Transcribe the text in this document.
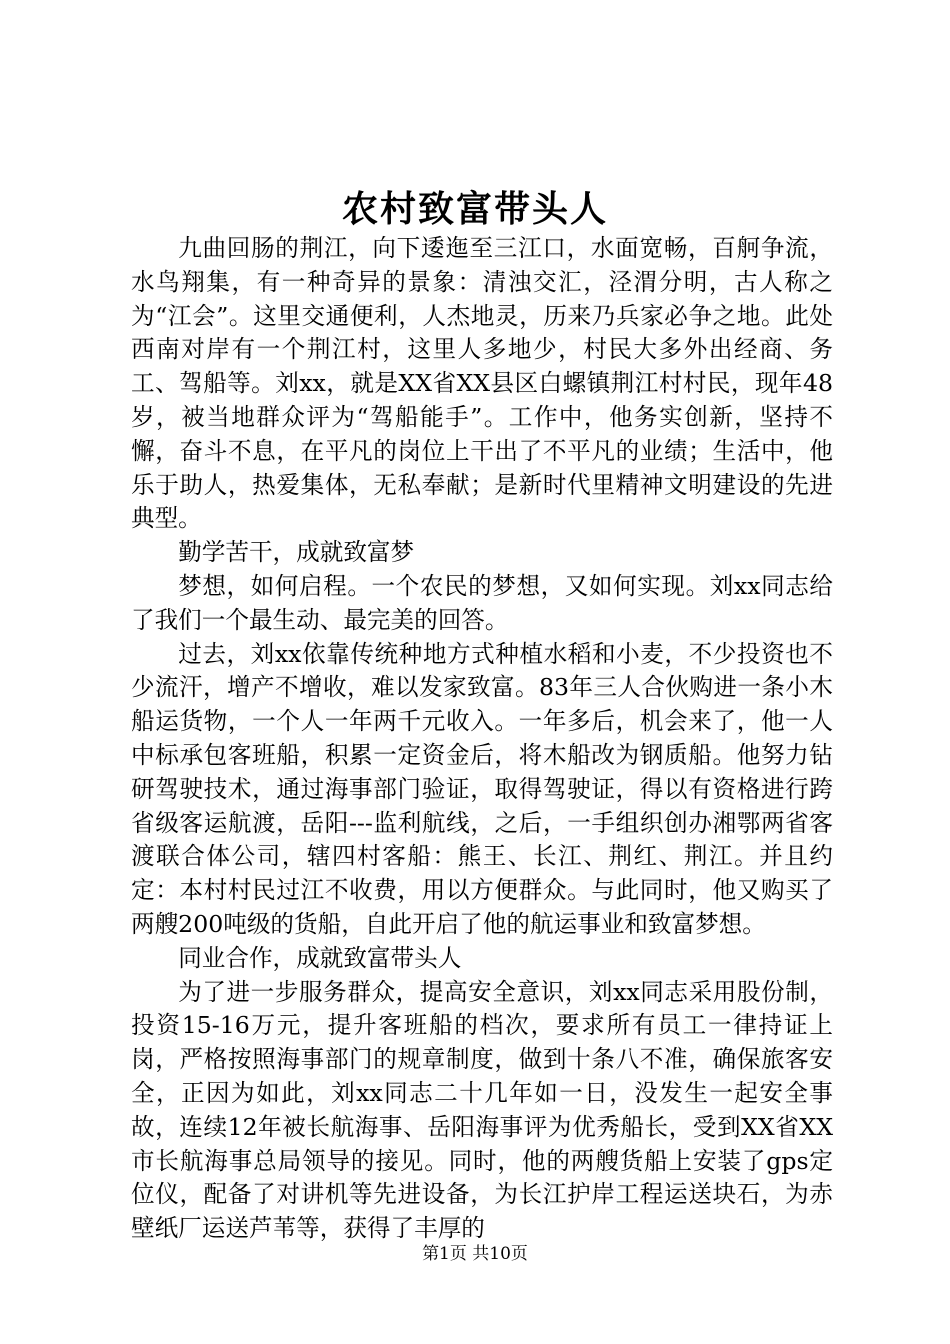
农村致富带头人

九曲回肠的荆江，向下逶迤至三江口，水面宽畅，百舸争流，水鸟翔集，有一种奇异的景象：清浊交汇，泾渭分明，古人称之为“江会”。这里交通便利，人杰地灵，历来乃兵家必争之地。此处西南对岸有一个荆江村，这里人多地少，村民大多外出经商、务工、驾船等。刘xx，就是XX省XX县区白螺镇荆江村村民，现年48岁，被当地群众评为“驾船能手”。工作中，他务实创新，坚持不懈，奋斗不息，在平凡的岗位上干出了不平凡的业绩；生活中，他乐于助人，热爱集体，无私奉献；是新时代里精神文明建设的先进典型。

勤学苦干，成就致富梦

梦想，如何启程。一个农民的梦想，又如何实现。刘xx同志给了我们一个最生动、最完美的回答。

过去，刘xx依靠传统种地方式种植水稻和小麦，不少投资也不少流汗，增产不增收，难以发家致富。83年三人合伙购进一条小木船运货物，一个人一年两千元收入。一年多后，机会来了，他一人中标承包客班船，积累一定资金后，将木船改为钢质船。他努力钻研驾驶技术，通过海事部门验证，取得驾驶证，得以有资格进行跨省级客运航渡，岳阳---监利航线，之后，一手组织创办湘鄂两省客渡联合体公司，辖四村客船：熊王、长江、荆红、荆江。并且约定：本村村民过江不收费，用以方便群众。与此同时，他又购买了两艘200吨级的货船，自此开启了他的航运事业和致富梦想。

同业合作，成就致富带头人

为了进一步服务群众，提高安全意识，刘xx同志采用股份制，投资15-16万元，提升客班船的档次，要求所有员工一律持证上岗，严格按照海事部门的规章制度，做到十条八不准，确保旅客安全，正因为如此，刘xx同志二十几年如一日，没发生一起安全事故，连续12年被长航海事、岳阳海事评为优秀船长，受到XX省XX市长航海事总局领导的接见。同时，他的两艘货船上安装了gps定位仪，配备了对讲机等先进设备，为长江护岸工程运送块石，为赤壁纸厂运送芦苇等，获得了丰厚的

第1页 共10页
